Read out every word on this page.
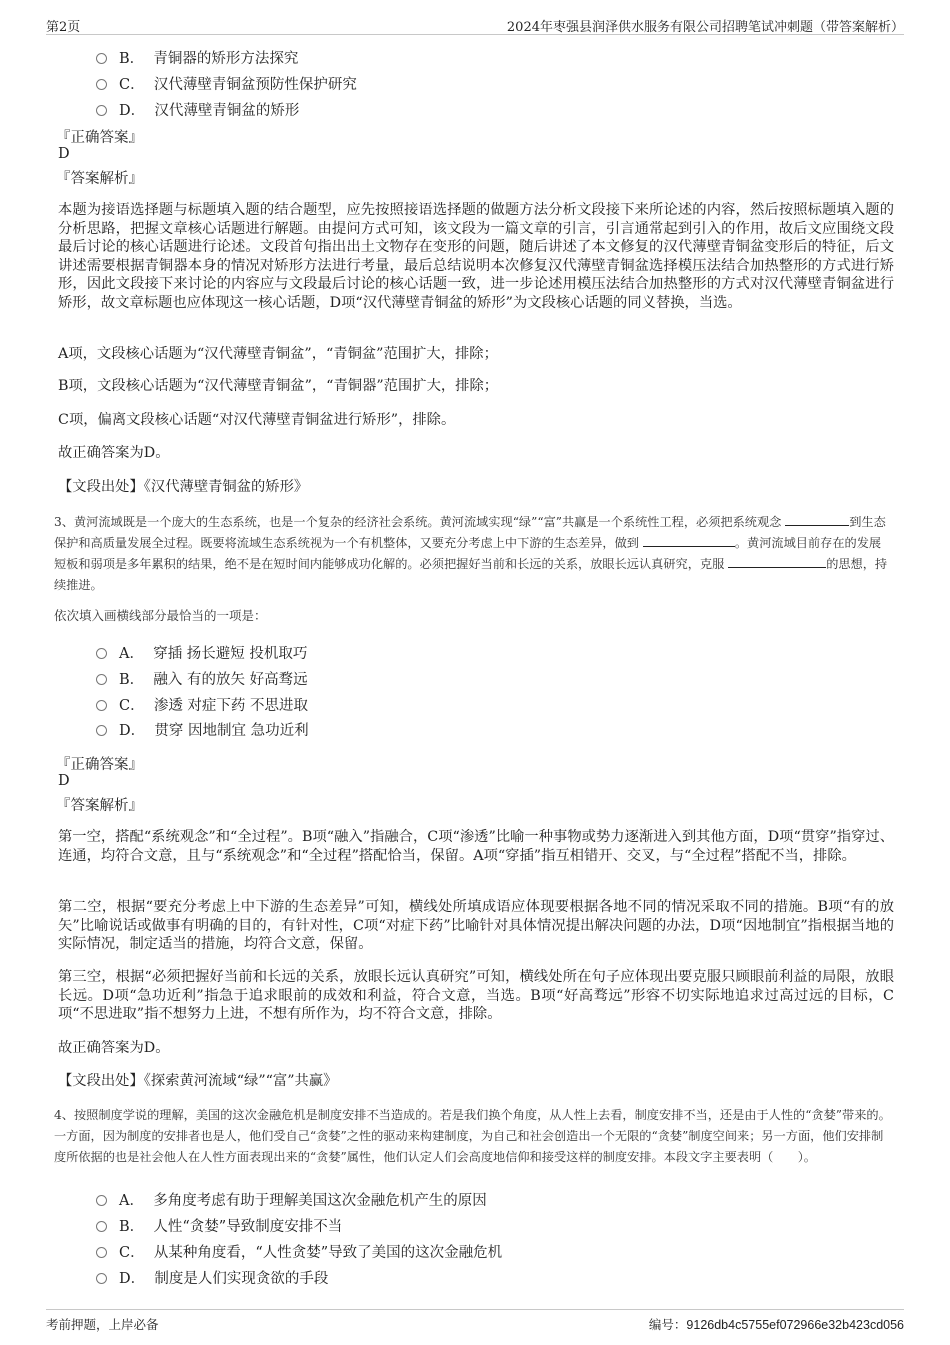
第2页	2024年枣强县润泽供水服务有限公司招聘笔试冲刺题（带答案解析）
B． 青铜器的矫形方法探究
C． 汉代薄壁青铜盆预防性保护研究
D． 汉代薄壁青铜盆的矫形
『正确答案』
D
『答案解析』
本题为接语选择题与标题填入题的结合题型，应先按照接语选择题的做题方法分析文段接下来所论述的内容，然后按照标题填入题的分析思路，把握文章核心话题进行解题。由提问方式可知，该文段为一篇文章的引言，引言通常起到引入的作用，故后文应围绕文段最后讨论的核心话题进行论述。文段首句指出出土文物存在变形的问题，随后讲述了本文修复的汉代薄壁青铜盆变形后的特征，后文讲述需要根据青铜器本身的情况对矫形方法进行考量，最后总结说明本次修复汉代薄壁青铜盆选择模压法结合加热整形的方式进行矫形，因此文段接下来讨论的内容应与文段最后讨论的核心话题一致，进一步论述用模压法结合加热整形的方式对汉代薄壁青铜盆进行矫形，故文章标题也应体现这一核心话题，D项“汉代薄壁青铜盆的矫形”为文段核心话题的同义替换，当选。
A项，文段核心话题为“汉代薄壁青铜盆”，“青铜盆”范围扩大，排除；
B项，文段核心话题为“汉代薄壁青铜盆”，“青铜器”范围扩大，排除；
C项，偏离文段核心话题“对汉代薄壁青铜盆进行矫形”，排除。
故正确答案为D。
【文段出处】《汉代薄壁青铜盆的矫形》
3、黄河流域既是一个庞大的生态系统，也是一个复杂的经济社会系统。黄河流域实现“绿”“富”共赢是一个系统性工程，必须把系统观念	到生态保护和高质量发展全过程。既要将流域生态系统视为一个有机整体，又要充分考虑上中下游的生态差异，做到	。黄河流域目前存在的发展短板和弱项是多年累积的结果，绝不是在短时间内能够成功化解的。必须把握好当前和长远的关系，放眼长远认真研究，克服	的思想，持续推进。
依次填入画横线部分最恰当的一项是：
A． 穿插 扬长避短 投机取巧
B． 融入 有的放矢 好高骛远
C． 渗透 对症下药 不思进取
D． 贯穿 因地制宜 急功近利
『正确答案』
D
『答案解析』
第一空，搭配“系统观念”和“全过程”。B项“融入”指融合，C项“渗透”比喻一种事物或势力逐渐进入到其他方面，D项“贯穿”指穿过、连通，均符合文意，且与“系统观念”和“全过程”搭配恰当，保留。A项“穿插”指互相错开、交叉，与“全过程”搭配不当，排除。
第二空，根据“要充分考虑上中下游的生态差异”可知，横线处所填成语应体现要根据各地不同的情况采取不同的措施。B项“有的放矢”比喻说话或做事有明确的目的，有针对性，C项“对症下药”比喻针对具体情况提出解决问题的办法，D项“因地制宜”指根据当地的实际情况，制定适当的措施，均符合文意，保留。
第三空，根据“必须把握好当前和长远的关系，放眼长远认真研究”可知，横线处所在句子应体现出要克服只顾眼前利益的局限，放眼长远。D项“急功近利”指急于追求眼前的成效和利益，符合文意，当选。B项“好高骛远”形容不切实际地追求过高过远的目标，C项“不思进取”指不想努力上进，不想有所作为，均不符合文意，排除。
故正确答案为D。
【文段出处】《探索黄河流域“绿”“富”共赢》
4、按照制度学说的理解，美国的这次金融危机是制度安排不当造成的。若是我们换个角度，从人性上去看，制度安排不当，还是由于人性的“贪婪”带来的。一方面，因为制度的安排者也是人，他们受自己“贪婪”之性的驱动来构建制度，为自己和社会创造出一个无限的“贪婪”制度空间来；另一方面，他们安排制度所依据的也是社会他人在人性方面表现出来的“贪婪”属性，他们认定人们会高度地信仰和接受这样的制度安排。本段文字主要表明（　　）。
A． 多角度考虑有助于理解美国这次金融危机产生的原因
B． 人性“贪婪”导致制度安排不当
C． 从某种角度看，“人性贪婪”导致了美国的这次金融危机
D． 制度是人们实现贪欲的手段
考前押题，上岸必备	编号：9126db4c5755ef072966e32b423cd056
